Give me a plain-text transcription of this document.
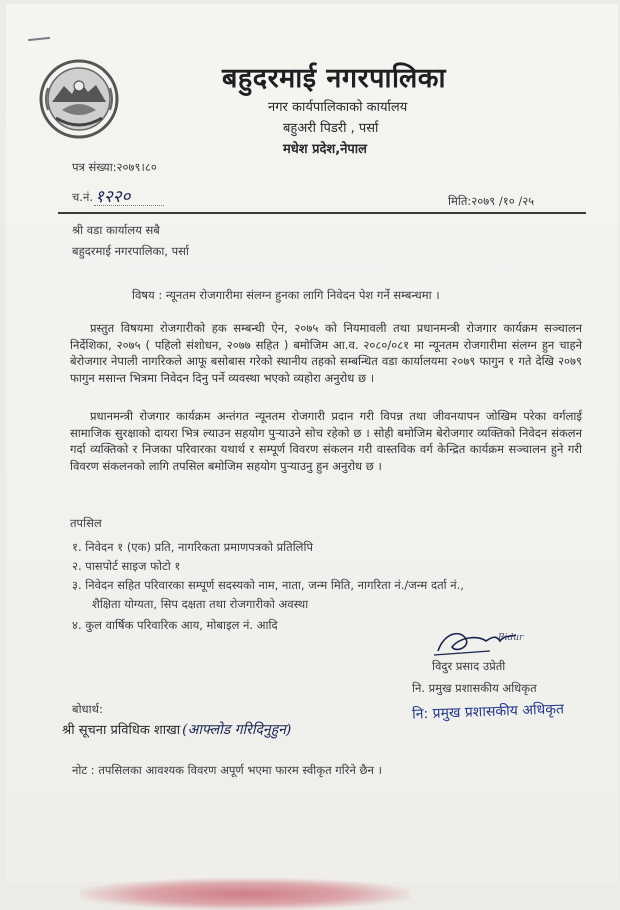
बहुदरमाई नगरपालिका
नगर कार्यपालिकाको कार्यालय
बहुअरी पिडरी , पर्सा
मधेश प्रदेश,नेपाल
पत्र संख्या:२०७९।८०
च.नं. १२२०	मिति:२०७९ /१० /२५
श्री वडा कार्यालय सबै
बहुदरमाई नगरपालिका, पर्सा
विषय : न्यूनतम रोजगारीमा संलग्न हुनका लागि निवेदन पेश गर्ने सम्बन्धमा ।
प्रस्तुत विषयमा रोजगारीको हक सम्बन्धी ऐन, २०७५ को नियमावली तथा प्रधानमन्त्री रोजगार कार्यक्रम सञ्चालन निर्देशिका, २०७५ ( पहिलो संशोधन, २०७७ सहित ) बमोजिम आ.व. २०८०/०८१ मा न्यूनतम रोजगारीमा संलग्न हुन चाहने बेरोजगार नेपाली नागरिकले आफू बसोबास गरेको स्थानीय तहको सम्बन्धित वडा कार्यालयमा २०७९ फागुन १ गते देखि २०७९ फागुन मसान्त भित्रमा निवेदन दिनु पर्ने व्यवस्था भएको व्यहोरा अनुरोध छ ।
प्रधानमन्त्री रोजगार कार्यक्रम अन्तंगत न्यूनतम रोजगारी प्रदान गरी विपन्न तथा जीवनयापन जोखिम परेका वर्गलाई सामाजिक सुरक्षाको दायरा भित्र ल्याउन सहयोग पुर्‍याउने सोच रहेको छ । सोही बमोजिम बेरोजगार व्यक्तिको निवेदन संकलन गर्दा व्यक्तिको र निजका परिवारका यथार्थ र सम्पूर्ण विवरण संकलन गरी वास्तविक वर्ग केन्द्रित कार्यक्रम सञ्चालन हुने गरी विवरण संकलनको लागि तपसिल बमोजिम सहयोग पुर्‍याउनु हुन अनुरोध छ ।
तपसिल
१. निवेदन १ (एक) प्रति, नागरिकता प्रमाणपत्रको प्रतिलिपि
२. पासपोर्ट साइज फोटो १
३. निवेदन सहित परिवारका सम्पूर्ण सदस्यको नाम, नाता, जन्म मिति, नागरिता नं./जन्म दर्ता नं.,
शैक्षिता योग्यता, सिप दक्षता तथा रोजगारीको अवस्था
४. कुल वार्षिक परिवारिक आय, मोबाइल नं. आदि
Bidur
विदुर प्रसाद उप्रेती
नि. प्रमुख प्रशासकीय अधिकृत
नि: प्रमुख प्रशासकीय अधिकृत
बोधार्थ:
श्री सूचना प्रविधिक शाखा (आफ्लोड गरिदिनुहुन)
नोट : तपसिलका आवश्यक विवरण अपूर्ण भएमा फारम स्वीकृत गरिने छैन ।
